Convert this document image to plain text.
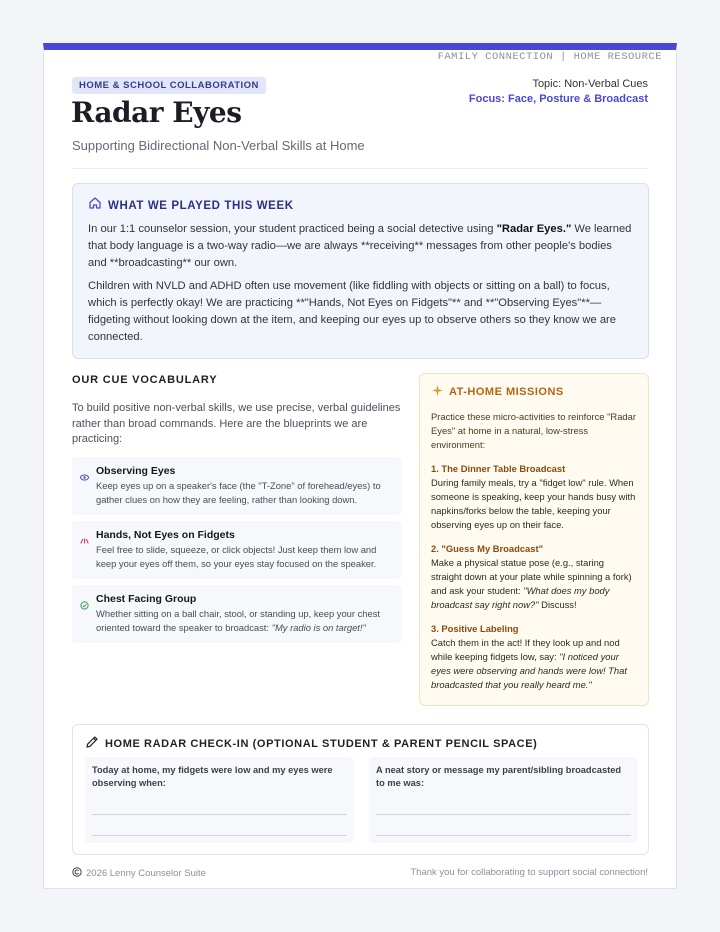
FAMILY CONNECTION | HOME RESOURCE
HOME & SCHOOL COLLABORATION
Radar Eyes
Supporting Bidirectional Non-Verbal Skills at Home
Topic: Non-Verbal Cues
Focus: Face, Posture & Broadcast
WHAT WE PLAYED THIS WEEK

In our 1:1 counselor session, your student practiced being a social detective using "Radar Eyes." We learned that body language is a two-way radio—we are always **receiving** messages from other people's bodies and **broadcasting** our own.

Children with NVLD and ADHD often use movement (like fiddling with objects or sitting on a ball) to focus, which is perfectly okay! We are practicing **"Hands, Not Eyes on Fidgets"** and **"Observing Eyes"**—fidgeting without looking down at the item, and keeping our eyes up to observe others so they know we are connected.

OUR CUE VOCABULARY
To build positive non-verbal skills, we use precise, verbal guidelines rather than broad commands. Here are the blueprints we are practicing:
Observing Eyes
Keep eyes up on a speaker's face (the "T-Zone" of forehead/eyes) to gather clues on how they are feeling, rather than looking down.
Hands, Not Eyes on Fidgets
Feel free to slide, squeeze, or click objects! Just keep them low and keep your eyes off them, so your eyes stay focused on the speaker.
Chest Facing Group
Whether sitting on a ball chair, stool, or standing up, keep your chest oriented toward the speaker to broadcast: "My radio is on target!"
AT-HOME MISSIONS
Practice these micro-activities to reinforce "Radar Eyes" at home in a natural, low-stress environment:
1. The Dinner Table Broadcast
During family meals, try a "fidget low" rule. When someone is speaking, keep your hands busy with napkins/forks below the table, keeping your observing eyes up on their face.
2. "Guess My Broadcast"
Make a physical statue pose (e.g., staring straight down at your plate while spinning a fork) and ask your student: "What does my body broadcast say right now?" Discuss!
3. Positive Labeling
Catch them in the act! If they look up and nod while keeping fidgets low, say: "I noticed your eyes were observing and hands were low! That broadcasted that you really heard me."
HOME RADAR CHECK-IN (OPTIONAL STUDENT & PARENT PENCIL SPACE)
Today at home, my fidgets were low and my eyes were observing when:
A neat story or message my parent/sibling broadcasted to me was:
2026 Lenny Counselor Suite	Thank you for collaborating to support social connection!
